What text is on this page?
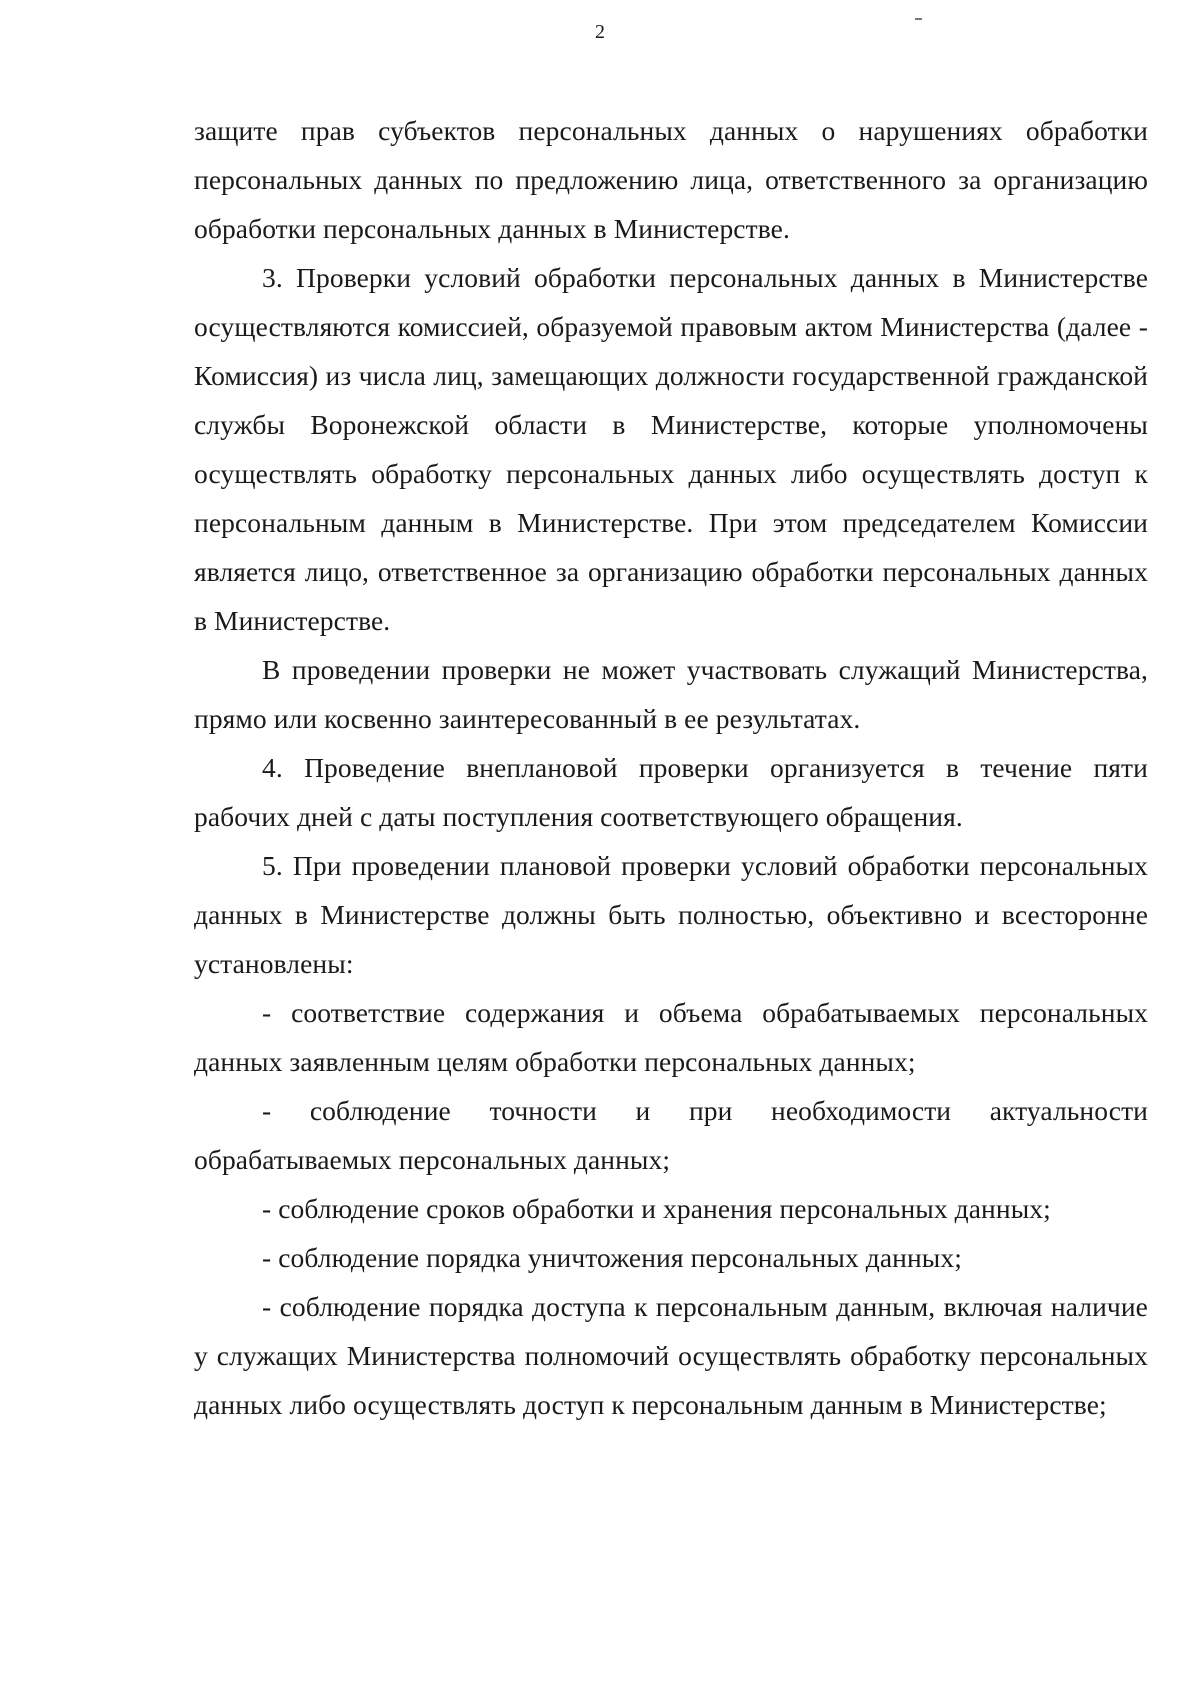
2

защите прав субъектов персональных данных о нарушениях обработки персональных данных по предложению лица, ответственного за организацию обработки персональных данных в Министерстве.

3. Проверки условий обработки персональных данных в Министерстве осуществляются комиссией, образуемой правовым актом Министерства (далее - Комиссия) из числа лиц, замещающих должности государственной гражданской службы Воронежской области в Министерстве, которые уполномочены осуществлять обработку персональных данных либо осуществлять доступ к персональным данным в Министерстве. При этом председателем Комиссии является лицо, ответственное за организацию обработки персональных данных в Министерстве.

В проведении проверки не может участвовать служащий Министерства, прямо или косвенно заинтересованный в ее результатах.

4. Проведение внеплановой проверки организуется в течение пяти рабочих дней с даты поступления соответствующего обращения.

5. При проведении плановой проверки условий обработки персональных данных в Министерстве должны быть полностью, объективно и всесторонне установлены:

- соответствие содержания и объема обрабатываемых персональных данных заявленным целям обработки персональных данных;

- соблюдение точности и при необходимости актуальности обрабатываемых персональных данных;

- соблюдение сроков обработки и хранения персональных данных;

- соблюдение порядка уничтожения персональных данных;

- соблюдение порядка доступа к персональным данным, включая наличие у служащих Министерства полномочий осуществлять обработку персональных данных либо осуществлять доступ к персональным данным в Министерстве;
